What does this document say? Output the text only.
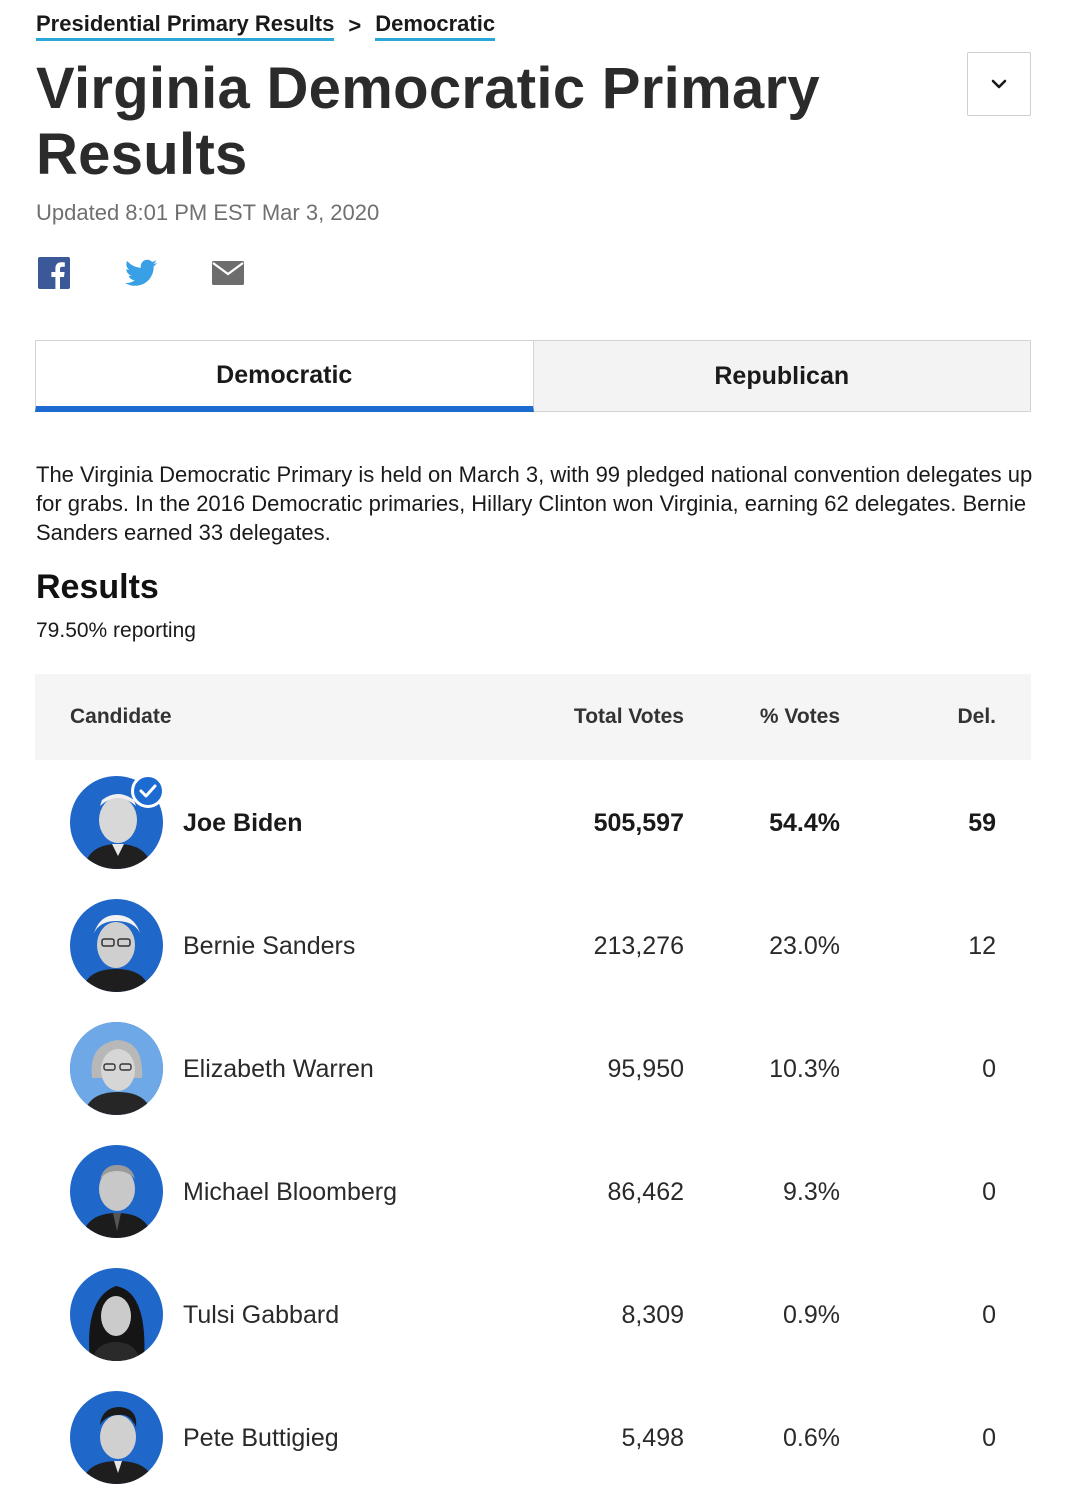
Presidential Primary Results > Democratic
Virginia Democratic Primary Results
Updated 8:01 PM EST Mar 3, 2020
Democratic	Republican

The Virginia Democratic Primary is held on March 3, with 99 pledged national convention delegates up for grabs. In the 2016 Democratic primaries, Hillary Clinton won Virginia, earning 62 delegates. Bernie Sanders earned 33 delegates.

Results
79.50% reporting
Candidate	Total Votes	% Votes	Del.
Joe Biden	505,597	54.4%	59
Bernie Sanders	213,276	23.0%	12
Elizabeth Warren	95,950	10.3%	0
Michael Bloomberg	86,462	9.3%	0
Tulsi Gabbard	8,309	0.9%	0
Pete Buttigieg	5,498	0.6%	0
